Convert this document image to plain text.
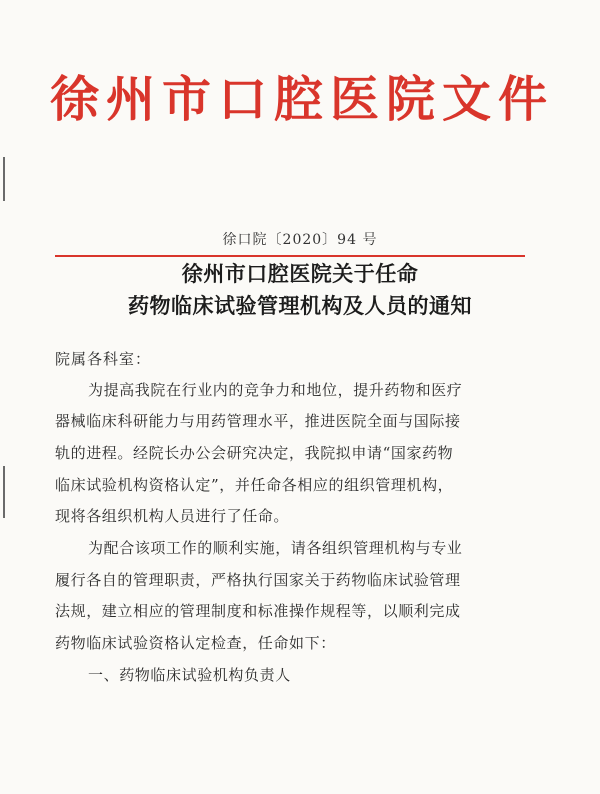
徐州市口腔医院文件
徐口院〔2020〕94 号
徐州市口腔医院关于任命
药物临床试验管理机构及人员的通知
院属各科室：
为提高我院在行业内的竞争力和地位，提升药物和医疗
器械临床科研能力与用药管理水平，推进医院全面与国际接
轨的进程。经院长办公会研究决定，我院拟申请“国家药物
临床试验机构资格认定”，并任命各相应的组织管理机构，
现将各组织机构人员进行了任命。
为配合该项工作的顺利实施，请各组织管理机构与专业
履行各自的管理职责，严格执行国家关于药物临床试验管理
法规，建立相应的管理制度和标准操作规程等，以顺利完成
药物临床试验资格认定检查，任命如下：
一、药物临床试验机构负责人
